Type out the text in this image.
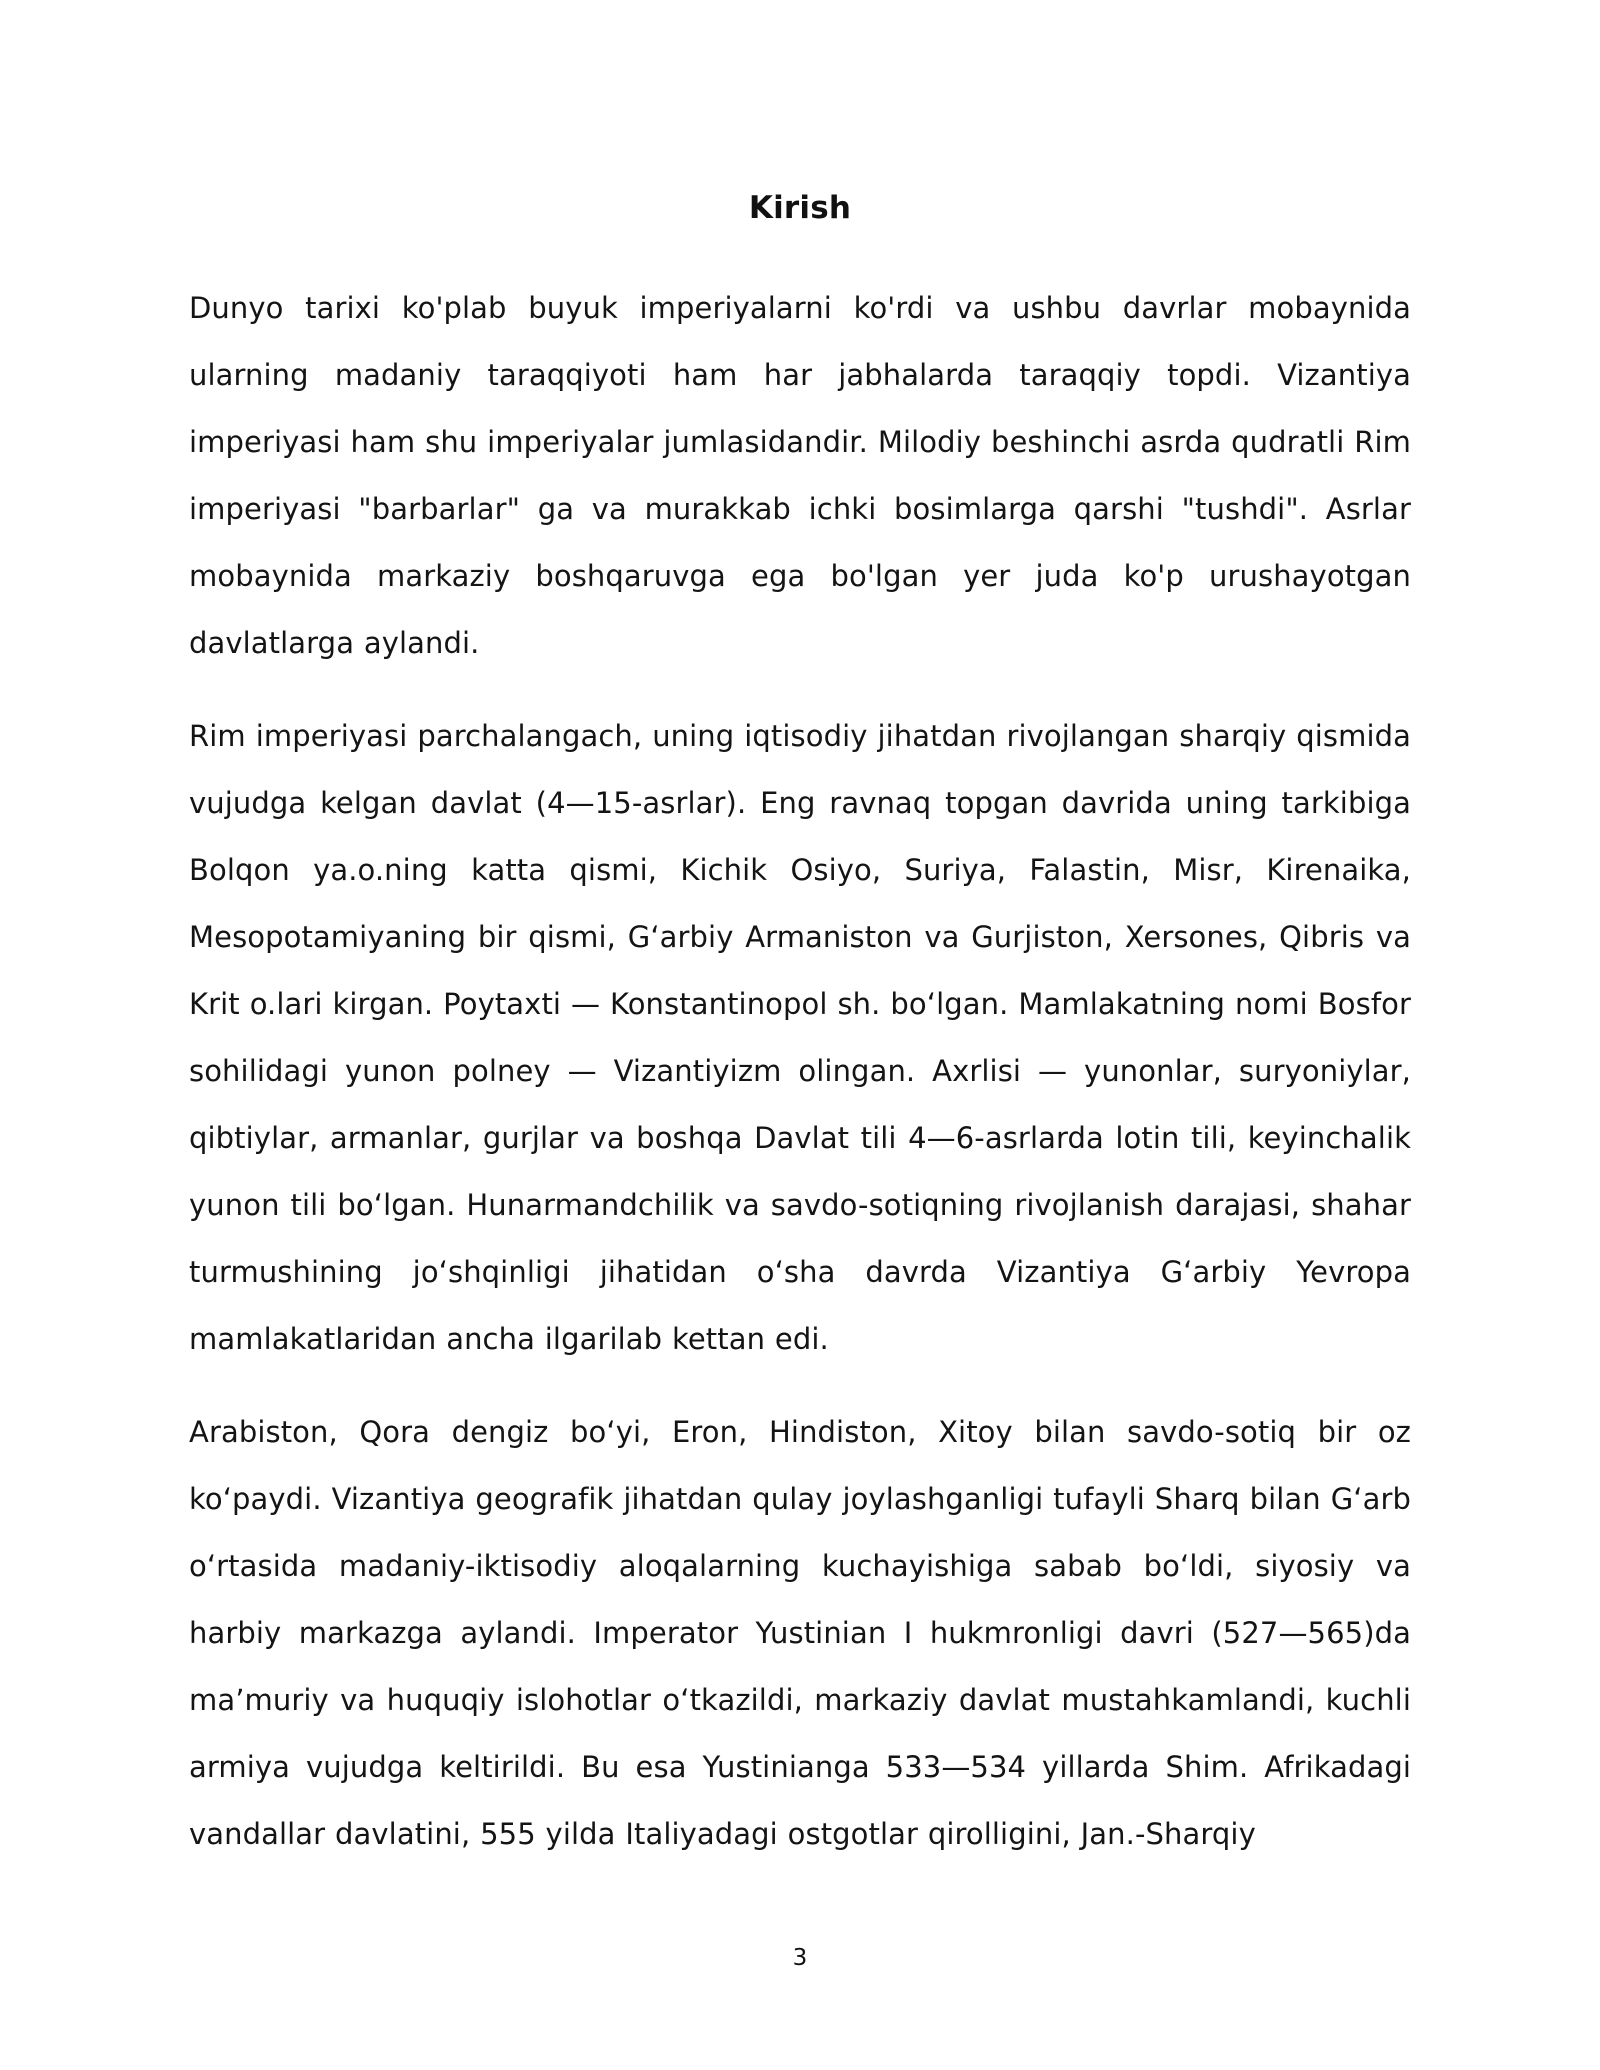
Kirish

Dunyo tarixi ko'plab buyuk imperiyalarni ko'rdi va ushbu davrlar mobaynida ularning madaniy taraqqiyoti ham har jabhalarda taraqqiy topdi. Vizantiya imperiyasi ham shu imperiyalar jumlasidandir. Milodiy beshinchi asrda qudratli Rim imperiyasi "barbarlar" ga va murakkab ichki bosimlarga qarshi "tushdi". Asrlar mobaynida markaziy boshqaruvga ega bo'lgan yer juda ko'p urushayotgan davlatlarga aylandi.

Rim imperiyasi parchalangach, uning iqtisodiy jihatdan rivojlangan sharqiy qismida vujudga kelgan davlat (4—15-asrlar). Eng ravnaq topgan davrida uning tarkibiga Bolqon ya.o.ning katta qismi, Kichik Osiyo, Suriya, Falastin, Misr, Kirenaika, Mesopotamiyaning bir qismi, Gʻarbiy Armaniston va Gurjiston, Xersones, Qibris va Krit o.lari kirgan. Poytaxti — Konstantinopol sh. boʻlgan. Mamlakatning nomi Bosfor sohilidagi yunon polney — Vizantiyizm olingan. Axrlisi — yunonlar, suryoniylar, qibtiylar, armanlar, gurjlar va boshqa Davlat tili 4—6-asrlarda lotin tili, keyinchalik yunon tili boʻlgan. Hunarmandchilik va savdo-sotiqning rivojlanish darajasi, shahar turmushining joʻshqinligi jihatidan oʻsha davrda Vizantiya Gʻarbiy Yevropa mamlakatlaridan ancha ilgarilab kettan edi.

Arabiston, Qora dengiz boʻyi, Eron, Hindiston, Xitoy bilan savdo-sotiq bir oz koʻpaydi. Vizantiya geografik jihatdan qulay joylashganligi tufayli Sharq bilan Gʻarb oʻrtasida madaniy-iktisodiy aloqalarning kuchayishiga sabab boʻldi, siyosiy va harbiy markazga aylandi. Imperator Yustinian I hukmronligi davri (527—565)da ma’muriy va huquqiy islohotlar oʻtkazildi, markaziy davlat mustahkamlandi, kuchli armiya vujudga keltirildi. Bu esa Yustinianga 533—534 yillarda Shim. Afrikadagi vandallar davlatini, 555 yilda Italiyadagi ostgotlar qirolligini, Jan.-Sharqiy

3
